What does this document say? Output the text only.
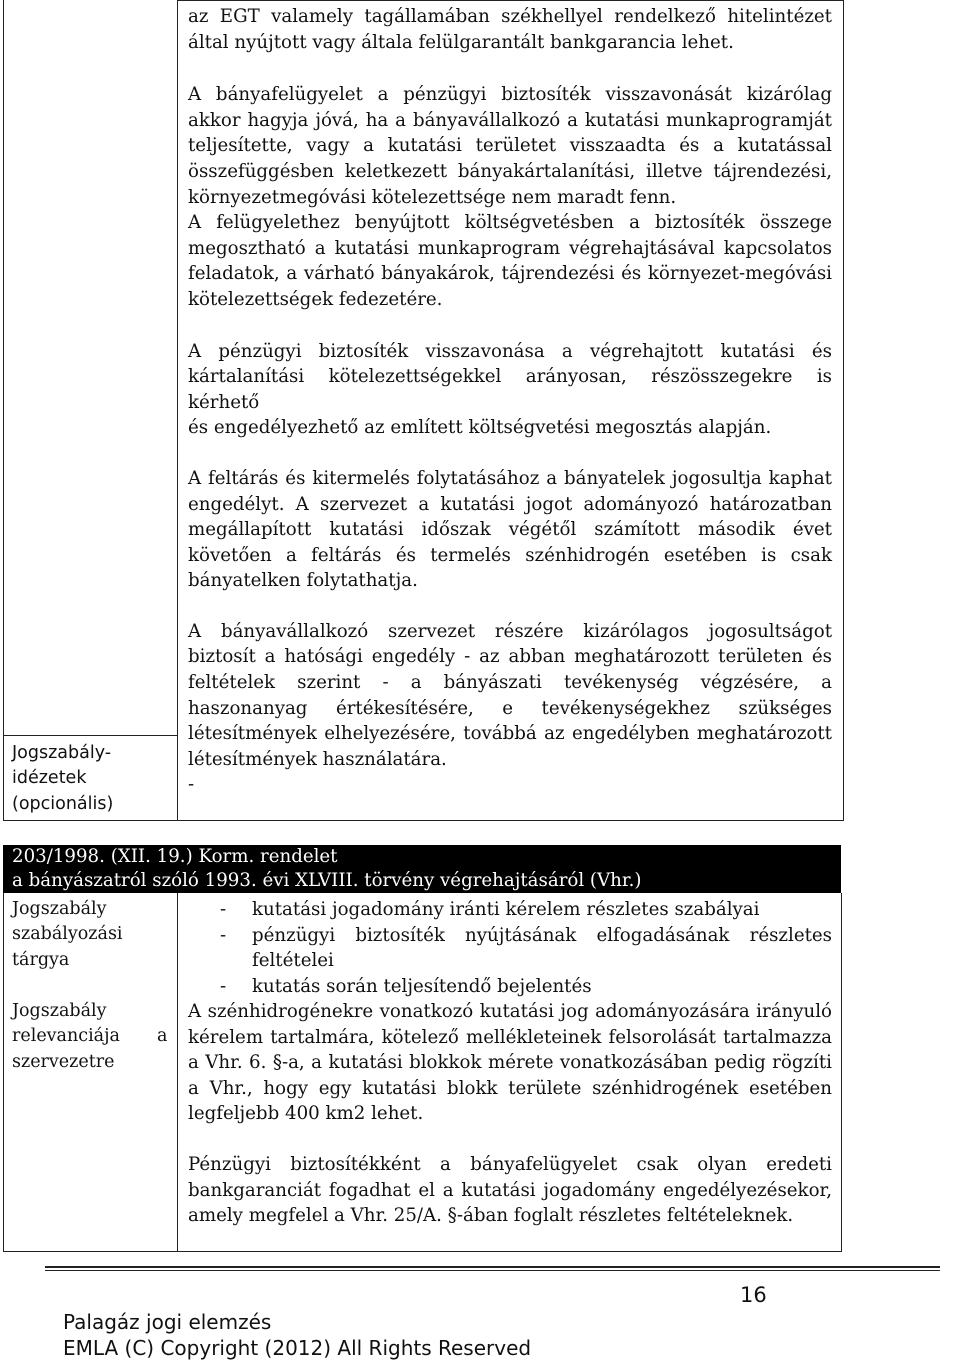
az EGT valamely tagállamában székhellyel rendelkező hitelintézet
által nyújtott vagy általa felülgarantált bankgarancia lehet.
A bányafelügyelet a pénzügyi biztosíték visszavonását kizárólag
akkor hagyja jóvá, ha a bányavállalkozó a kutatási munkaprogramját
teljesítette, vagy a kutatási területet visszaadta és a kutatással
összefüggésben keletkezett bányakártalanítási, illetve tájrendezési,
környezetmegóvási kötelezettsége nem maradt fenn.
A felügyelethez benyújtott költségvetésben a biztosíték összege
megosztható a kutatási munkaprogram végrehajtásával kapcsolatos
feladatok, a várható bányakárok, tájrendezési és környezet-megóvási
kötelezettségek fedezetére.
A pénzügyi biztosíték visszavonása a végrehajtott kutatási és
kártalanítási kötelezettségekkel arányosan, részösszegekre is kérhető
és engedélyezhető az említett költségvetési megosztás alapján.
A feltárás és kitermelés folytatásához a bányatelek jogosultja kaphat
engedélyt. A szervezet a kutatási jogot adományozó határozatban
megállapított kutatási időszak végétől számított második évet
követően a feltárás és termelés szénhidrogén esetében is csak
bányatelken folytathatja.
A bányavállalkozó szervezet részére kizárólagos jogosultságot
biztosít a hatósági engedély - az abban meghatározott területen és
feltételek szerint - a bányászati tevékenység végzésére, a
haszonanyag értékesítésére, e tevékenységekhez szükséges
létesítmények elhelyezésére, továbbá az engedélyben meghatározott
létesítmények használatára.
-
Jogszabály-
idézetek
(opcionális)
203/1998. (XII. 19.) Korm. rendelet
a bányászatról szóló 1993. évi XLVIII. törvény végrehajtásáról (Vhr.)
Jogszabály
szabályozási
tárgya
- kutatási jogadomány iránti kérelem részletes szabályai
- pénzügyi biztosíték nyújtásának elfogadásának részletes
feltételei
- kutatás során teljesítendő bejelentés
Jogszabály
relevanciája a
szervezetre
A szénhidrogénekre vonatkozó kutatási jog adományozására irányuló
kérelem tartalmára, kötelező mellékleteinek felsorolását tartalmazza
a Vhr. 6. §-a, a kutatási blokkok mérete vonatkozásában pedig rögzíti
a Vhr., hogy egy kutatási blokk területe szénhidrogének esetében
legfeljebb 400 km2 lehet.
Pénzügyi biztosítékként a bányafelügyelet csak olyan eredeti
bankgaranciát fogadhat el a kutatási jogadomány engedélyezésekor,
amely megfelel a Vhr. 25/A. §-ában foglalt részletes feltételeknek.
16
Palagáz jogi elemzés
EMLA (C) Copyright (2012) All Rights Reserved
